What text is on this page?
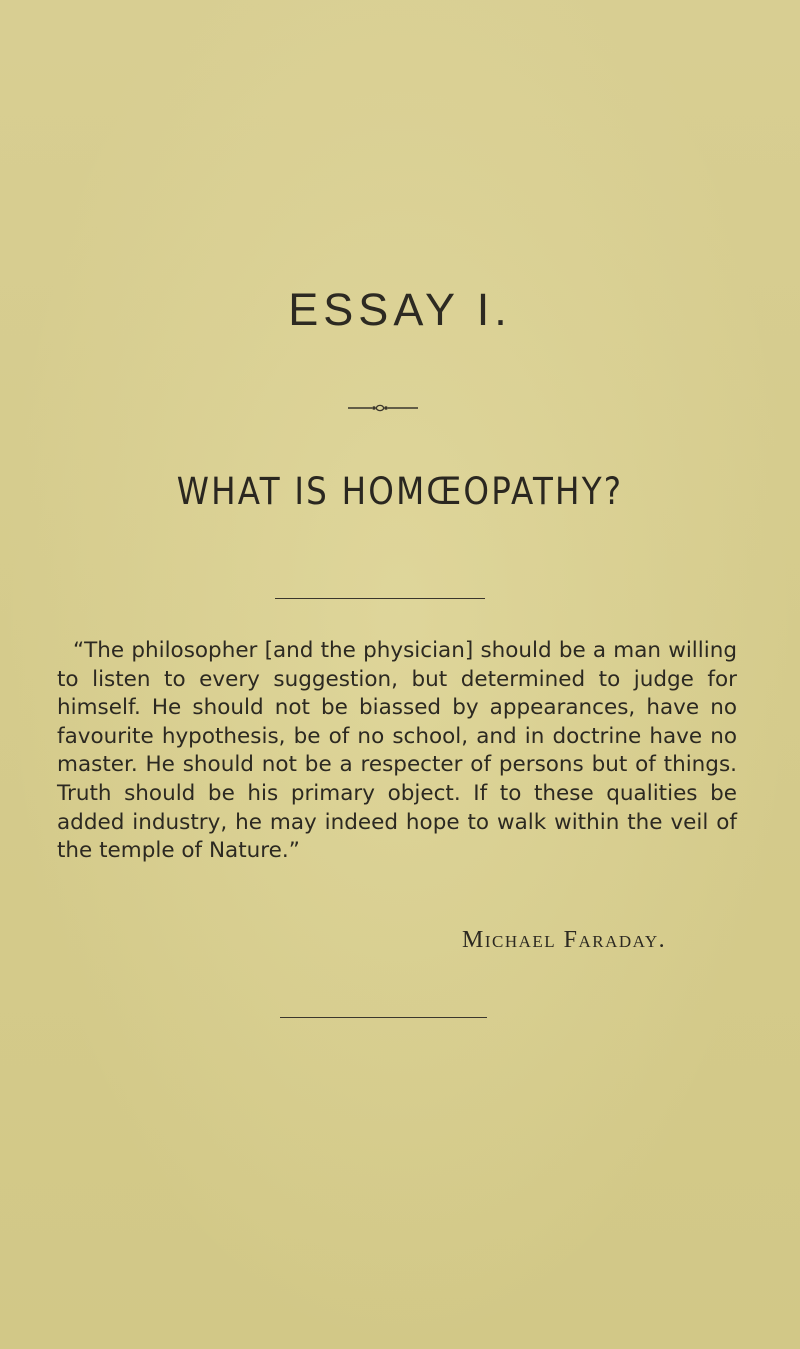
ESSAY I.
WHAT IS HOMŒOPATHY?

“The philosopher [and the physician] should be a man willing to listen to every suggestion, but determined to judge for himself. He should not be biassed by appearances, have no favourite hypothesis, be of no school, and in doctrine have no master. He should not be a respecter of persons but of things. Truth should be his primary object. If to these qualities be added industry, he may indeed hope to walk within the veil of the temple of Nature.”

Michael Faraday.
